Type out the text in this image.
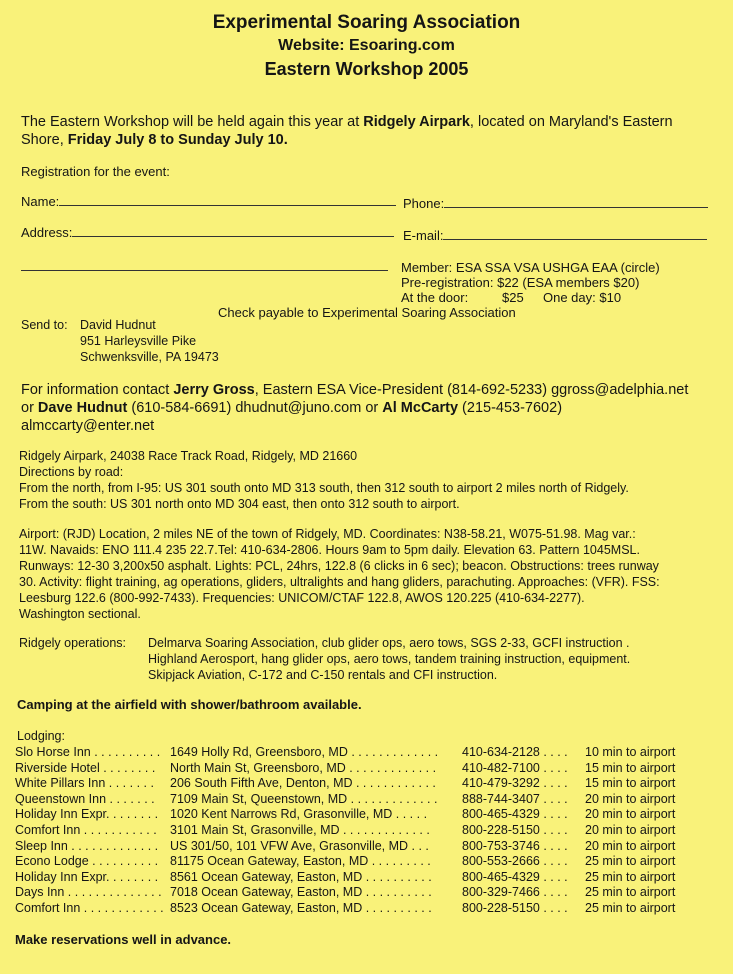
Experimental Soaring Association
Website: Esoaring.com
Eastern Workshop 2005
The Eastern Workshop will be held again this year at Ridgely Airpark, located on Maryland's Eastern
Shore, Friday July 8 to Sunday July 10.
Registration for the event:
Name:	Phone:
Address:	E-mail:
Member: ESA SSA VSA USHGA EAA (circle)
Pre-registration: $22 (ESA members $20)
At the door:	$25 One day: $10
Check payable to Experimental Soaring Association
Send to: David Hudnut
951 Harleysville Pike
Schwenksville, PA 19473
For information contact Jerry Gross, Eastern ESA Vice-President (814-692-5233) ggross@adelphia.net
or Dave Hudnut (610-584-6691) dhudnut@juno.com or Al McCarty (215-453-7602)
almccarty@enter.net
Ridgely Airpark, 24038 Race Track Road, Ridgely, MD 21660
Directions by road:
From the north, from I-95: US 301 south onto MD 313 south, then 312 south to airport 2 miles north of Ridgely.
From the south: US 301 north onto MD 304 east, then onto 312 south to airport.
Airport: (RJD) Location, 2 miles NE of the town of Ridgely, MD. Coordinates: N38-58.21, W075-51.98. Mag var.:
11W. Navaids: ENO 111.4 235 22.7.Tel: 410-634-2806. Hours 9am to 5pm daily. Elevation 63. Pattern 1045MSL.
Runways: 12-30 3,200x50 asphalt. Lights: PCL, 24hrs, 122.8 (6 clicks in 6 sec); beacon. Obstructions: trees runway
30. Activity: flight training, ag operations, gliders, ultralights and hang gliders, parachuting. Approaches: (VFR). FSS:
Leesburg 122.6 (800-992-7433). Frequencies: UNICOM/CTAF 122.8, AWOS 120.225 (410-634-2277).
Washington sectional.
Ridgely operations: Delmarva Soaring Association, club glider ops, aero tows, SGS 2-33, GCFI instruction .
Highland Aerosport, hang glider ops, aero tows, tandem training instruction, equipment.
Skipjack Aviation, C-172 and C-150 rentals and CFI instruction.
Camping at the airfield with shower/bathroom available.
Lodging:
Slo Horse Inn . . . . . . . . . . 1649 Holly Rd, Greensboro, MD . . . . . . . . . . . . . 410-634-2128 . . . . 10 min to airport
Riverside Hotel . . . . . . . . North Main St, Greensboro, MD . . . . . . . . . . . . . 410-482-7100 . . . . 15 min to airport
White Pillars Inn . . . . . . . 206 South Fifth Ave, Denton, MD . . . . . . . . . . . . 410-479-3292 . . . . 15 min to airport
Queenstown Inn . . . . . . . 7109 Main St, Queenstown, MD . . . . . . . . . . . . . 888-744-3407 . . . . 20 min to airport
Holiday Inn Expr. . . . . . . . 1020 Kent Narrows Rd, Grasonville, MD . . . . .	800-465-4329 . . . . 20 min to airport
Comfort Inn . . . . . . . . . . . 3101 Main St, Grasonville, MD . . . . . . . . . . . . .	800-228-5150 . . . . 20 min to airport
Sleep Inn . . . . . . . . . . . . . US 301/50, 101 VFW Ave, Grasonville, MD . . .	800-753-3746 . . . . 20 min to airport
Econo Lodge . . . . . . . . . . 81175 Ocean Gateway, Easton, MD . . . . . . . . . 800-553-2666 . . . . 25 min to airport
Holiday Inn Expr. . . . . . . . 8561 Ocean Gateway, Easton, MD . . . . . . . . . . 800-465-4329 . . . . 25 min to airport
Days Inn . . . . . . . . . . . . . . 7018 Ocean Gateway, Easton, MD . . . . . . . . . . 800-329-7466 . . . . 25 min to airport
Comfort Inn . . . . . . . . . . . . 8523 Ocean Gateway, Easton, MD . . . . . . . . . . 800-228-5150 . . . . 25 min to airport
Make reservations well in advance.
